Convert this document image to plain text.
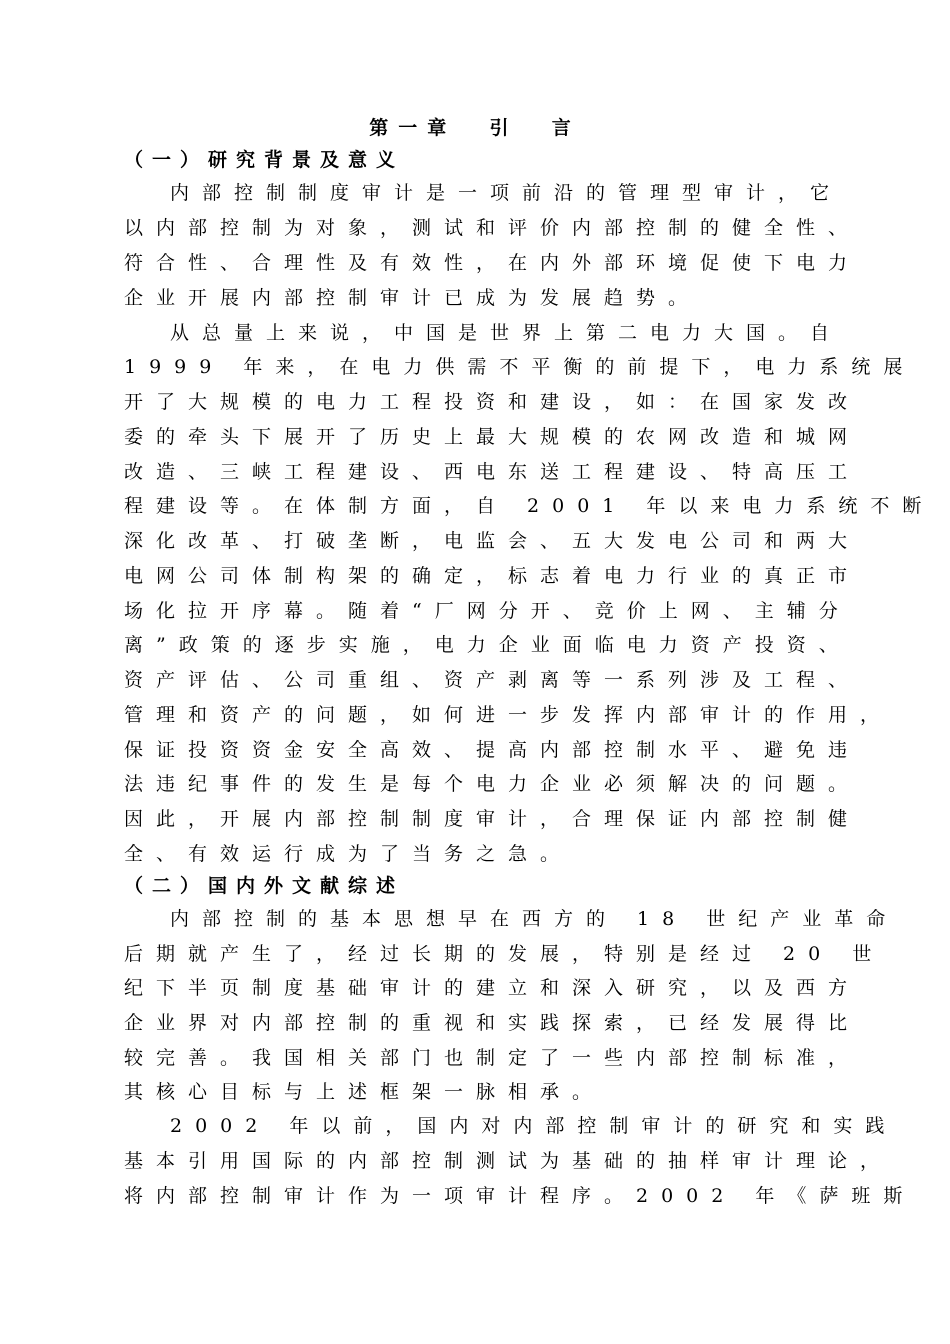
第一章  引  言
（一）研究背景及意义
内部控制制度审计是一项前沿的管理型审计，它
以内部控制为对象，测试和评价内部控制的健全性、
符合性、合理性及有效性，在内外部环境促使下电力
企业开展内部控制审计已成为发展趋势。
从总量上来说，中国是世界上第二电力大国。自
1999 年来，在电力供需不平衡的前提下，电力系统展
开了大规模的电力工程投资和建设，如：在国家发改
委的牵头下展开了历史上最大规模的农网改造和城网
改造、三峡工程建设、西电东送工程建设、特高压工
程建设等。在体制方面，自 2001 年以来电力系统不断
深化改革、打破垄断，电监会、五大发电公司和两大
电网公司体制构架的确定，标志着电力行业的真正市
场化拉开序幕。随着“厂网分开、竞价上网、主辅分
离”政策的逐步实施，电力企业面临电力资产投资、
资产评估、公司重组、资产剥离等一系列涉及工程、
管理和资产的问题，如何进一步发挥内部审计的作用，
保证投资资金安全高效、提高内部控制水平、避免违
法违纪事件的发生是每个电力企业必须解决的问题。
因此，开展内部控制制度审计，合理保证内部控制健
全、有效运行成为了当务之急。
（二）国内外文献综述
内部控制的基本思想早在西方的 18 世纪产业革命
后期就产生了，经过长期的发展，特别是经过 20 世
纪下半页制度基础审计的建立和深入研究，以及西方
企业界对内部控制的重视和实践探索，已经发展得比
较完善。我国相关部门也制定了一些内部控制标准，
其核心目标与上述框架一脉相承。
2002 年以前，国内对内部控制审计的研究和实践
基本引用国际的内部控制测试为基础的抽样审计理论，
将内部控制审计作为一项审计程序。2002 年《萨班斯
